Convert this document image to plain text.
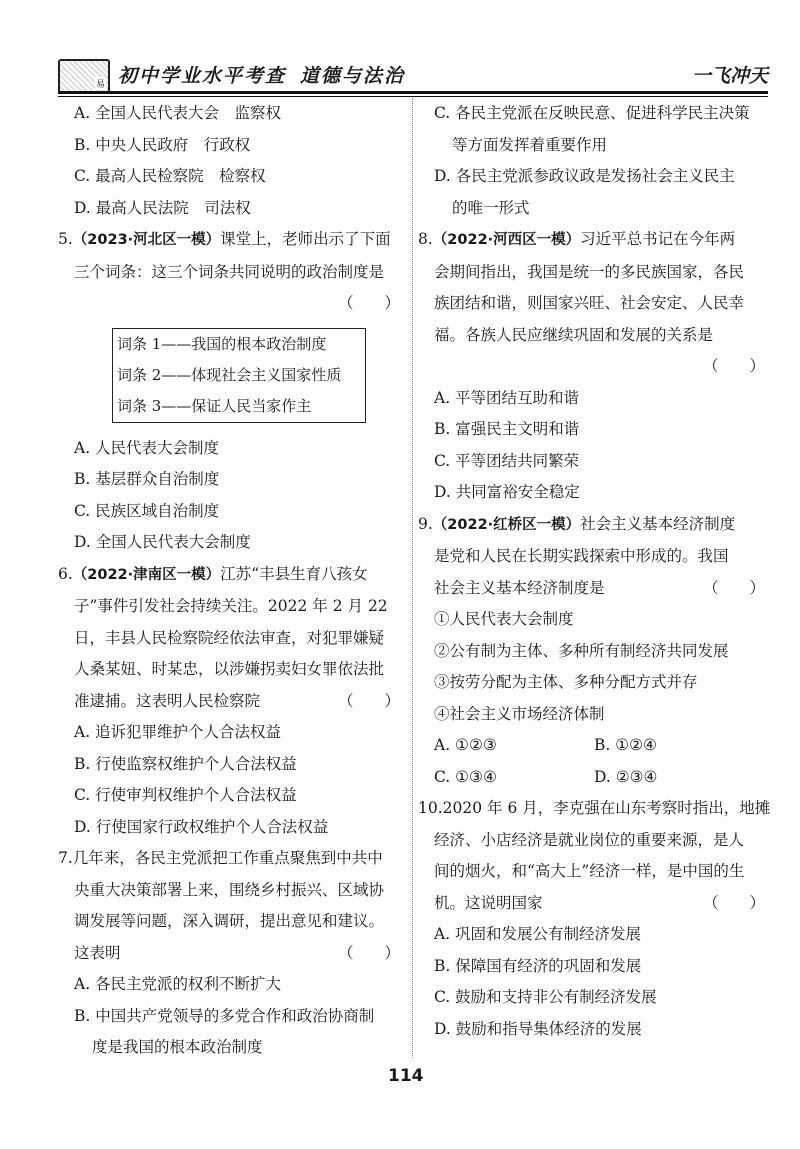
易 初中学业水平考查 道德与法治	一飞冲天
A. 全国人民代表大会　监察权
B. 中央人民政府　行政权
C. 最高人民检察院　检察权
D. 最高人民法院　司法权
5.（2023·河北区一模）课堂上，老师出示了下面
三个词条：这三个词条共同说明的政治制度是
（　　）
词条 1——我国的根本政治制度
词条 2——体现社会主义国家性质
词条 3——保证人民当家作主
A. 人民代表大会制度
B. 基层群众自治制度
C. 民族区域自治制度
D. 全国人民代表大会制度
6.（2022·津南区一模）江苏“丰县生育八孩女
子”事件引发社会持续关注。2022 年 2 月 22
日，丰县人民检察院经依法审查，对犯罪嫌疑
人桑某妞、时某忠，以涉嫌拐卖妇女罪依法批
准逮捕。这表明人民检察院	（　　）
A. 追诉犯罪维护个人合法权益
B. 行使监察权维护个人合法权益
C. 行使审判权维护个人合法权益
D. 行使国家行政权维护个人合法权益
7.几年来，各民主党派把工作重点聚焦到中共中
央重大决策部署上来，围绕乡村振兴、区域协
调发展等问题，深入调研，提出意见和建议。
这表明	（　　）
A. 各民主党派的权利不断扩大
B. 中国共产党领导的多党合作和政治协商制
度是我国的根本政治制度
C. 各民主党派在反映民意、促进科学民主决策
等方面发挥着重要作用
D. 各民主党派参政议政是发扬社会主义民主
的唯一形式
8.（2022·河西区一模）习近平总书记在今年两
会期间指出，我国是统一的多民族国家，各民
族团结和谐，则国家兴旺、社会安定、人民幸
福。各族人民应继续巩固和发展的关系是
（　　）
A. 平等团结互助和谐
B. 富强民主文明和谐
C. 平等团结共同繁荣
D. 共同富裕安全稳定
9.（2022·红桥区一模）社会主义基本经济制度
是党和人民在长期实践探索中形成的。我国
社会主义基本经济制度是	（　　）
①人民代表大会制度
②公有制为主体、多种所有制经济共同发展
③按劳分配为主体、多种分配方式并存
④社会主义市场经济体制
A. ①②③	B. ①②④
C. ①③④	D. ②③④
10.2020 年 6 月，李克强在山东考察时指出，地摊
经济、小店经济是就业岗位的重要来源，是人
间的烟火，和“高大上”经济一样，是中国的生
机。这说明国家	（　　）
A. 巩固和发展公有制经济发展
B. 保障国有经济的巩固和发展
C. 鼓励和支持非公有制经济发展
D. 鼓励和指导集体经济的发展
114
